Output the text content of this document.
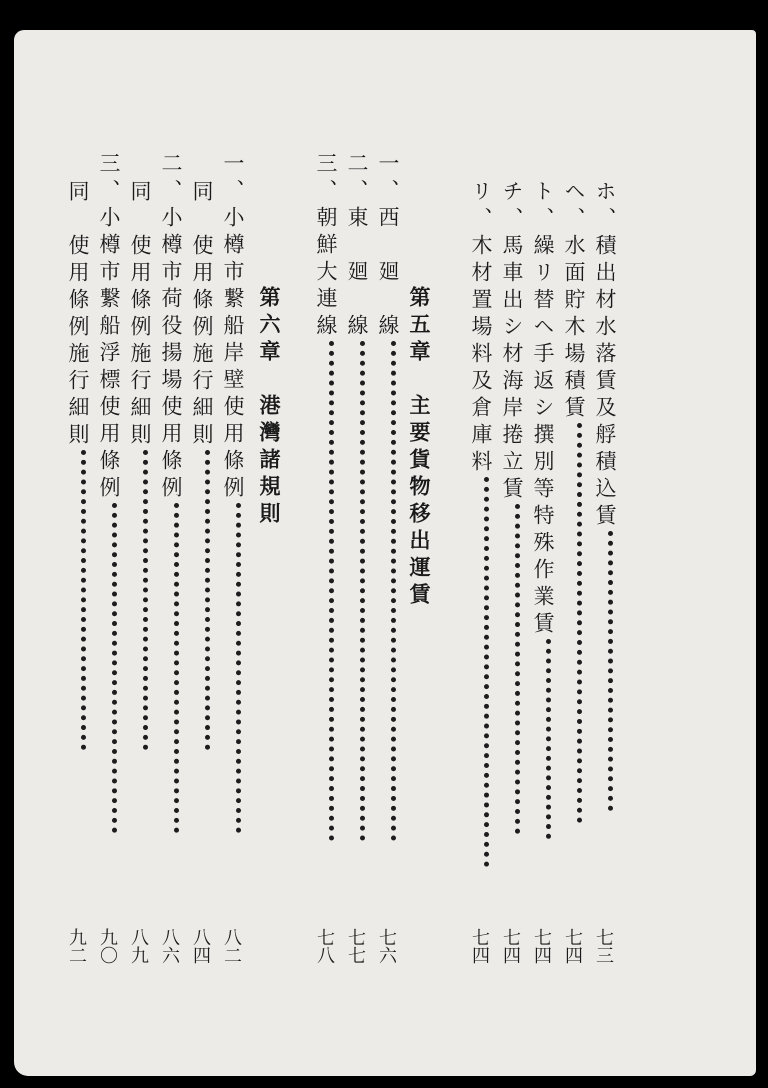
ホ、積出材水落賃及艀積込賃
ヘ、水面貯木場積賃
ト、繰リ替ヘ手返シ撰別等特殊作業賃
チ、馬車出シ材海岸捲立賃
リ、木材置場料及倉庫料
第五章　主要貨物移出運賃
一、西　廻　線
二、東　廻　線
三、朝鮮大連線
第六章　港灣諸規則
一、小樽市繋船岸壁使用條例
同　使用條例施行細則
二、小樽市荷役揚場使用條例
同　使用條例施行細則
三、小樽市繋船浮標使用條例
同　使用條例施行細則
七三
七四
七四
七四
七四
七六
七七
七八
八二
八四
八六
八九
九〇
九二
